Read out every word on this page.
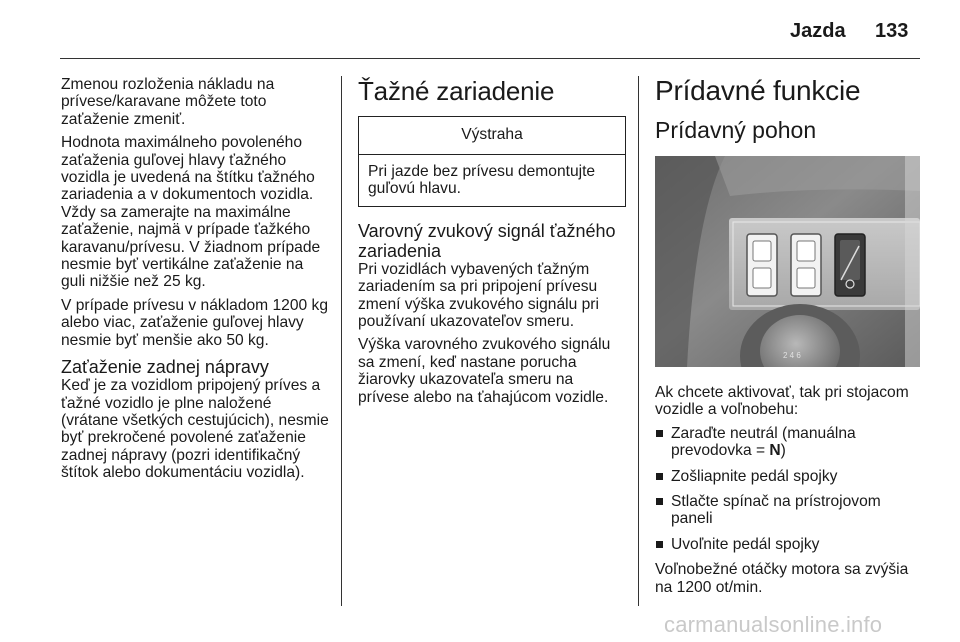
Jazda 133

Zmenou rozloženia nákladu na prívese/karavane môžete toto zaťaženie zmeniť.

Hodnota maximálneho povoleného zaťaženia guľovej hlavy ťažného vozidla je uvedená na štítku ťažného zariadenia a v dokumentoch vozidla. Vždy sa zamerajte na maximálne zaťaženie, najmä v prípade ťažkého karavanu/prívesu. V žiadnom prípade nesmie byť vertikálne zaťaženie na guli nižšie než 25 kg.

V prípade prívesu v nákladom 1200 kg alebo viac, zaťaženie guľovej hlavy nesmie byť menšie ako 50 kg.

Zaťaženie zadnej nápravy

Keď je za vozidlom pripojený príves a ťažné vozidlo je plne naložené (vrátane všetkých cestujúcich), nesmie byť prekročené povolené zaťaženie zadnej nápravy (pozri identifikačný štítok alebo dokumentáciu vozidla).

Ťažné zariadenie
Výstraha
Pri jazde bez prívesu demontujte guľovú hlavu.
Varovný zvukový signál ťažného zariadenia

Pri vozidlách vybavených ťažným zariadením sa pri pripojení prívesu zmení výška zvukového signálu pri používaní ukazovateľov smeru.

Výška varovného zvukového signálu sa zmení, keď nastane porucha žiarovky ukazovateľa smeru na prívese alebo na ťahajúcom vozidle.

Prídavné funkcie
Prídavný pohon
2 4 6

Ak chcete aktivovať, tak pri stojacom vozidle a voľnobehu:

Zaraďte neutrál (manuálna prevodovka = N)
Zošliapnite pedál spojky
Stlačte spínač na prístrojovom paneli
Uvoľnite pedál spojky

Voľnobežné otáčky motora sa zvýšia na 1200 ot/min.

carmanualsonline.info
